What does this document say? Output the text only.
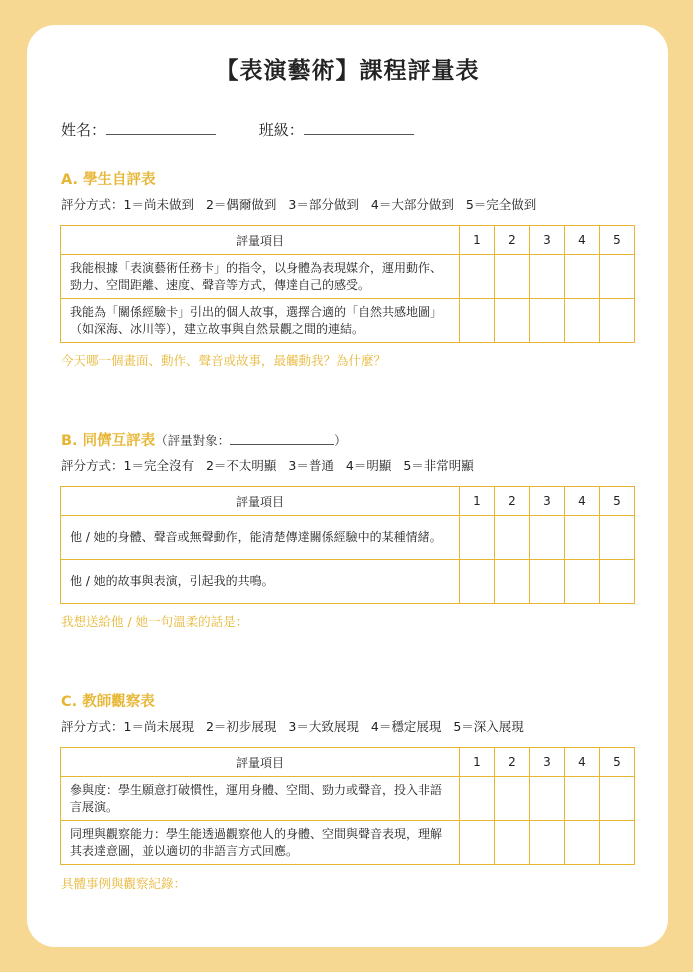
【表演藝術】課程評量表
姓名：	班級：
A. 學生自評表
評分方式：1＝尚未做到 2＝偶爾做到 3＝部分做到 4＝大部分做到 5＝完全做到
評量項目	1	2	3	4	5
我能根據「表演藝術任務卡」的指令，以身體為表現媒介，運用動作、勁力、空間距離、速度、聲音等方式，傳達自己的感受。					
我能為「關係經驗卡」引出的個人故事，選擇合適的「自然共感地圖」（如深海、冰川等），建立故事與自然景觀之間的連結。					
今天哪一個畫面、動作、聲音或故事，最觸動我？為什麼？
B. 同儕互評表（評量對象：	）
評分方式：1＝完全沒有 2＝不太明顯 3＝普通 4＝明顯 5＝非常明顯
評量項目	1	2	3	4	5
他 / 她的身體、聲音或無聲動作，能清楚傳達關係經驗中的某種情緒。					
他 / 她的故事與表演，引起我的共鳴。					
我想送給他 / 她一句溫柔的話是：
C. 教師觀察表
評分方式：1＝尚未展現 2＝初步展現 3＝大致展現 4＝穩定展現 5＝深入展現
評量項目	1	2	3	4	5
參與度：學生願意打破慣性，運用身體、空間、勁力或聲音，投入非語言展演。					
同理與觀察能力：學生能透過觀察他人的身體、空間與聲音表現，理解其表達意圖，並以適切的非語言方式回應。					
具體事例與觀察紀錄：
